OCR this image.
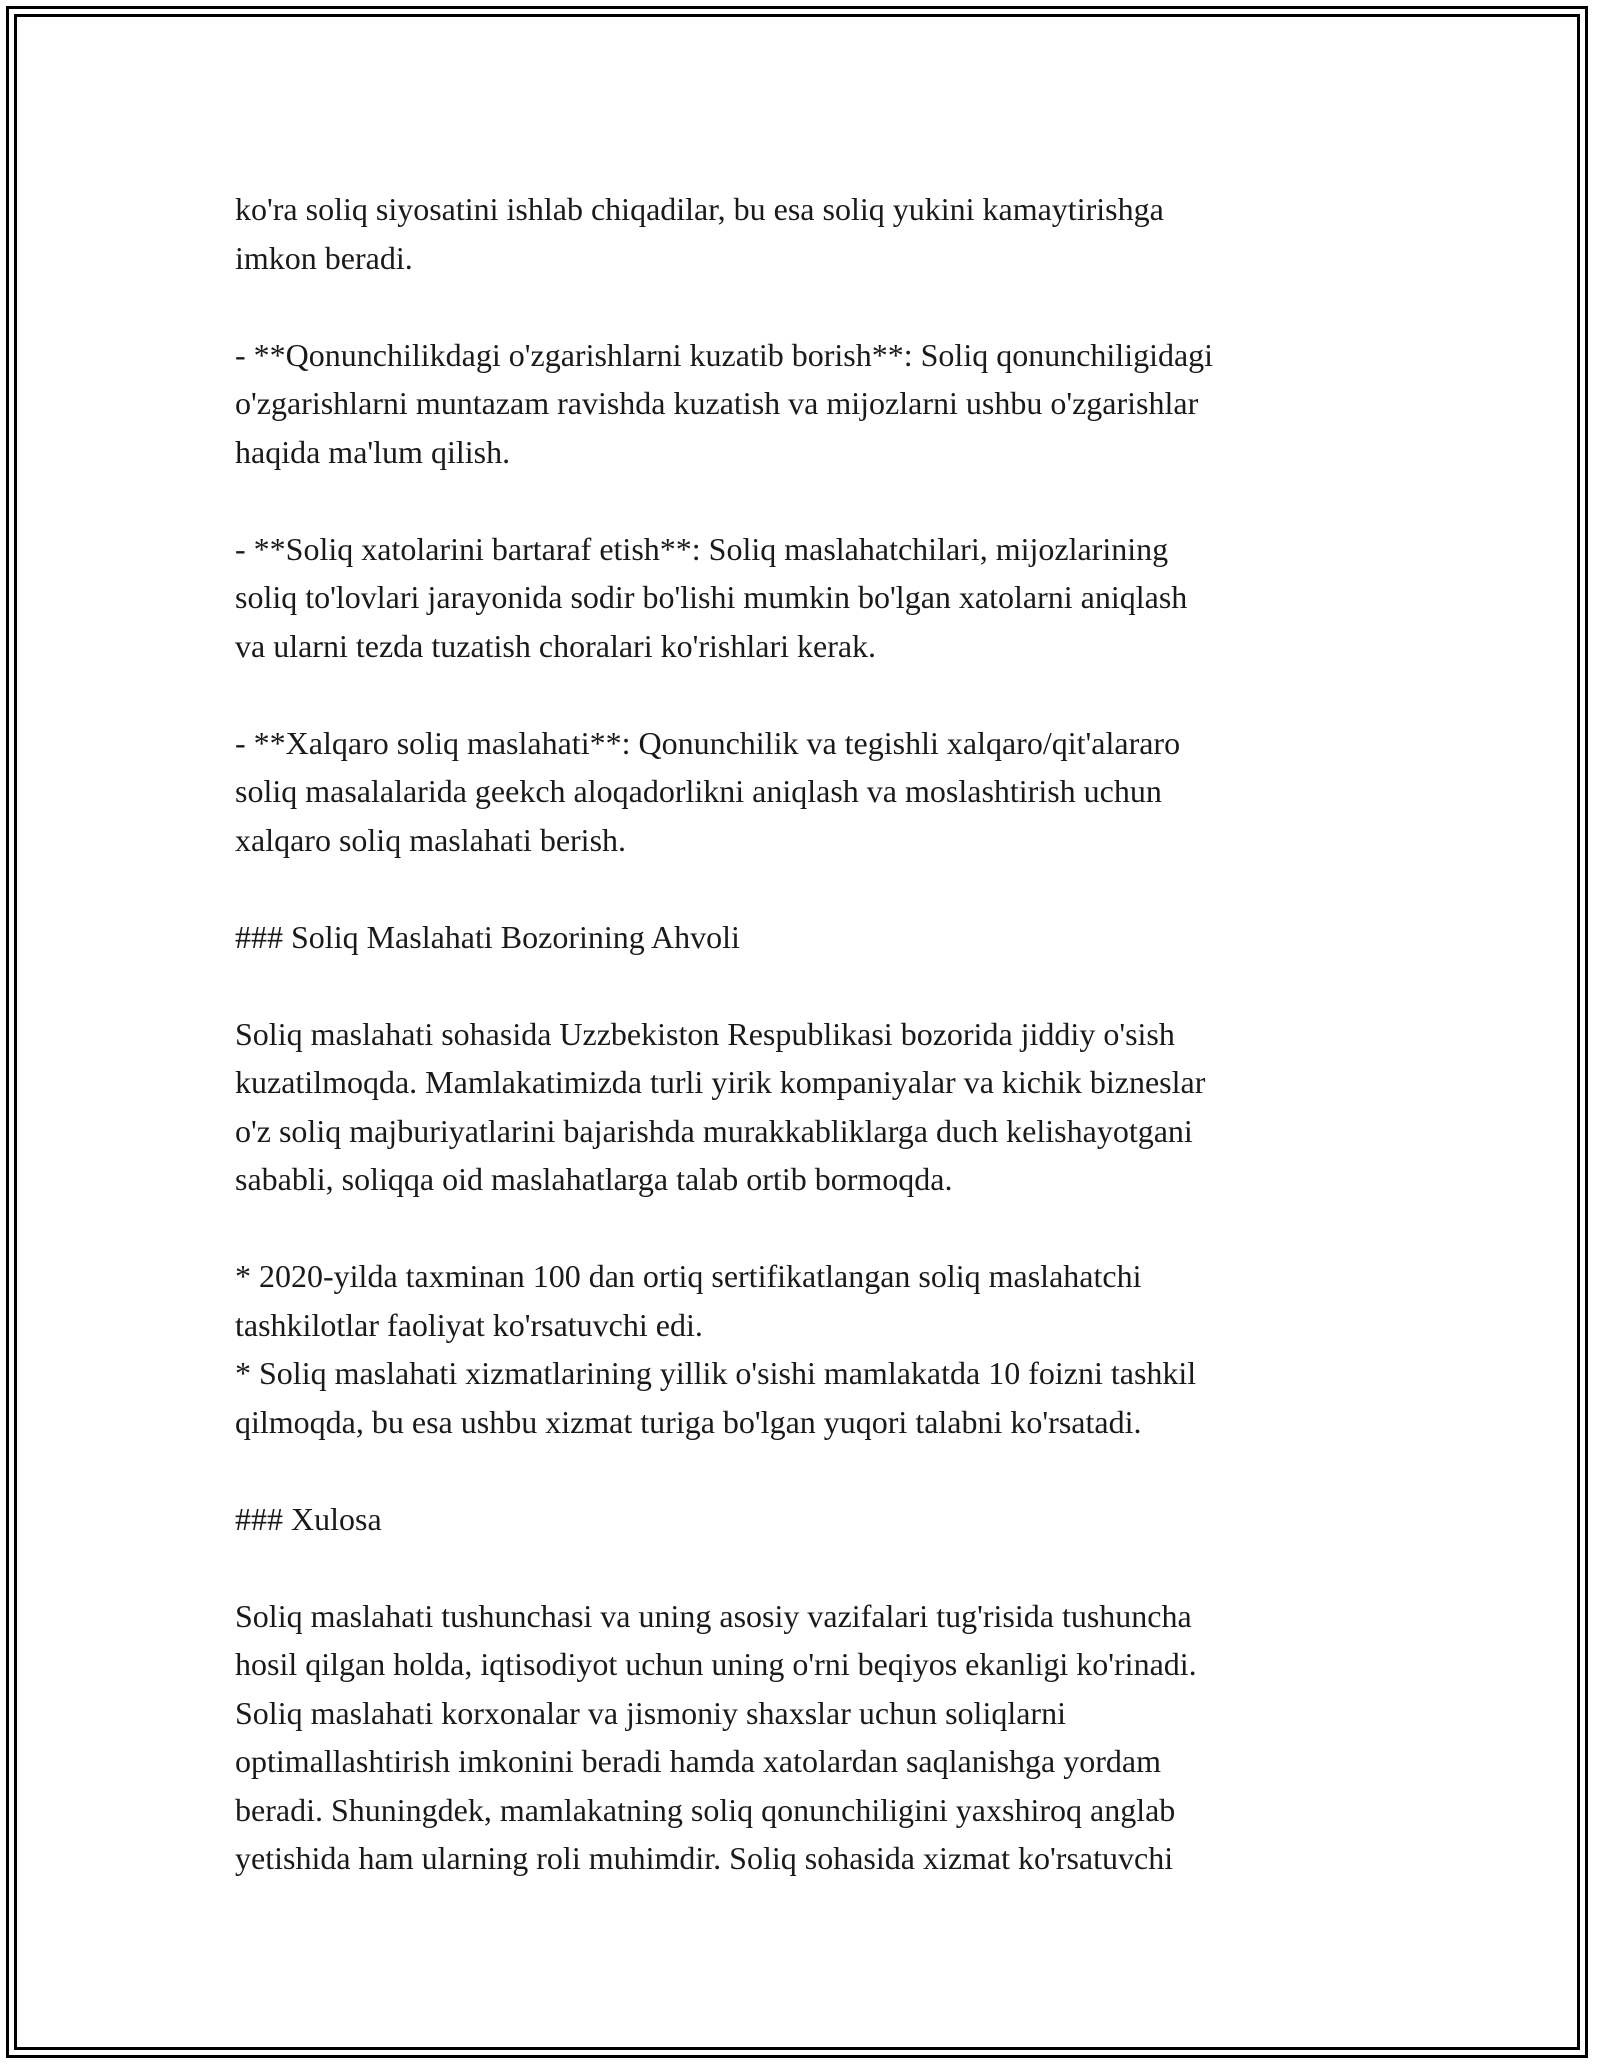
ko'ra soliq siyosatini ishlab chiqadilar, bu esa soliq yukini kamaytirishga
imkon beradi.

- **Qonunchilikdagi o'zgarishlarni kuzatib borish**: Soliq qonunchiligidagi
o'zgarishlarni muntazam ravishda kuzatish va mijozlarni ushbu o'zgarishlar
haqida ma'lum qilish.

- **Soliq xatolarini bartaraf etish**: Soliq maslahatchilari, mijozlarining
soliq to'lovlari jarayonida sodir bo'lishi mumkin bo'lgan xatolarni aniqlash
va ularni tezda tuzatish choralari ko'rishlari kerak.

- **Xalqaro soliq maslahati**: Qonunchilik va tegishli xalqaro/qit'alararo
soliq masalalarida geekch aloqadorlikni aniqlash va moslashtirish uchun
xalqaro soliq maslahati berish.

### Soliq Maslahati Bozorining Ahvoli

Soliq maslahati sohasida Uzzbekiston Respublikasi bozorida jiddiy o'sish
kuzatilmoqda. Mamlakatimizda turli yirik kompaniyalar va kichik bizneslar
o'z soliq majburiyatlarini bajarishda murakkabliklarga duch kelishayotgani
sababli, soliqqa oid maslahatlarga talab ortib bormoqda.

* 2020-yilda taxminan 100 dan ortiq sertifikatlangan soliq maslahatchi
tashkilotlar faoliyat ko'rsatuvchi edi.

* Soliq maslahati xizmatlarining yillik o'sishi mamlakatda 10 foizni tashkil
qilmoqda, bu esa ushbu xizmat turiga bo'lgan yuqori talabni ko'rsatadi.

### Xulosa

Soliq maslahati tushunchasi va uning asosiy vazifalari tug'risida tushuncha
hosil qilgan holda, iqtisodiyot uchun uning o'rni beqiyos ekanligi ko'rinadi.
Soliq maslahati korxonalar va jismoniy shaxslar uchun soliqlarni
optimallashtirish imkonini beradi hamda xatolardan saqlanishga yordam
beradi. Shuningdek, mamlakatning soliq qonunchiligini yaxshiroq anglab
yetishida ham ularning roli muhimdir. Soliq sohasida xizmat ko'rsatuvchi
